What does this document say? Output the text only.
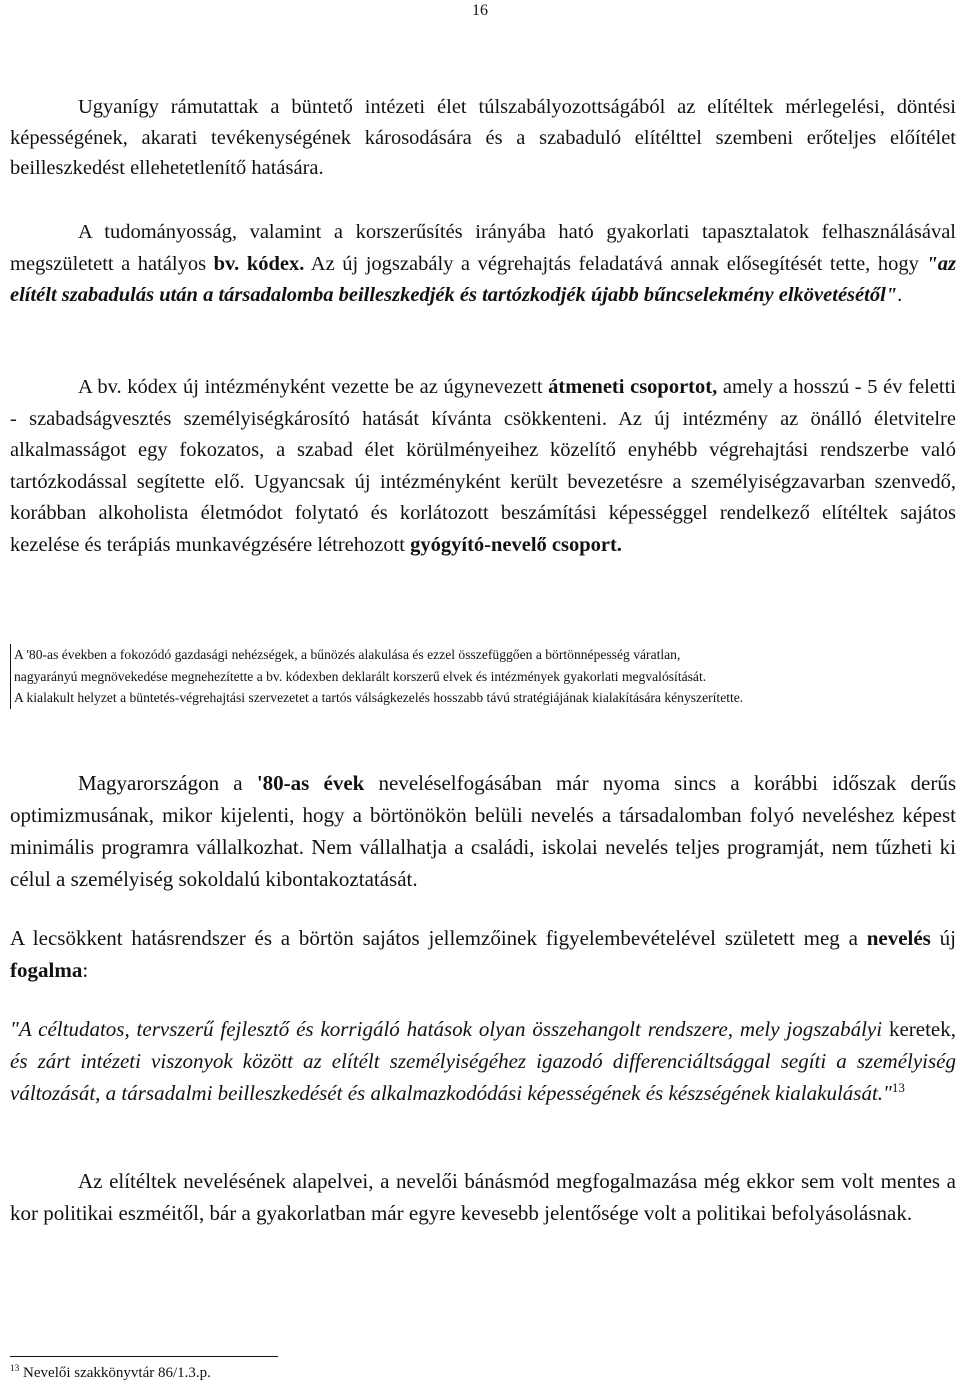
16

Ugyanígy rámutattak a büntető intézeti élet túlszabályozottságából az elítéltek mérlegelési, döntési képességének, akarati tevékenységének károsodására és a szabaduló elítélttel szembeni erőteljes előítélet beilleszkedést ellehetetlenítő hatására.

A tudományosság, valamint a korszerűsítés irányába ható gyakorlati tapasztalatok felhasználásával megszületett a hatályos bv. kódex. Az új jogszabály a végrehajtás feladatává annak elősegítését tette, hogy "az elítélt szabadulás után a társadalomba beilleszkedjék és tartózkodjék újabb bűncselekmény elkövetésétől".

A bv. kódex új intézményként vezette be az úgynevezett átmeneti csoportot, amely a hosszú - 5 év feletti - szabadságvesztés személyiségkárosító hatását kívánta csökkenteni. Az új intézmény az önálló életvitelre alkalmasságot egy fokozatos, a szabad élet körülményeihez közelítő enyhébb végrehajtási rendszerbe való tartózkodással segítette elő. Ugyancsak új intézményként került bevezetésre a személyiségzavarban szenvedő, korábban alkoholista életmódot folytató és korlátozott beszámítási képességgel rendelkező elítéltek sajátos kezelése és terápiás munkavégzésére létrehozott gyógyító-nevelő csoport.

A '80-as években a fokozódó gazdasági nehézségek, a bűnözés alakulása és ezzel összefüggően a börtönnépesség váratlan,
nagyarányú megnövekedése megnehezítette a bv. kódexben deklarált korszerű elvek és intézmények gyakorlati megvalósítását.
A kialakult helyzet a büntetés-végrehajtási szervezetet a tartós válságkezelés hosszabb távú stratégiájának kialakítására kényszerítette.

Magyarországon a '80-as évek neveléselfogásában már nyoma sincs a korábbi időszak derűs optimizmusának, mikor kijelenti, hogy a börtönökön belüli nevelés a társadalomban folyó neveléshez képest minimális programra vállalkozhat. Nem vállalhatja a családi, iskolai nevelés teljes programját, nem tűzheti ki célul a személyiség sokoldalú kibontakoztatását.

A lecsökkent hatásrendszer és a börtön sajátos jellemzőinek figyelembevételével született meg a nevelés új fogalma:

"A céltudatos, tervszerű fejlesztő és korrigáló hatások olyan összehangolt rendszere, mely jogszabályi keretek, és zárt intézeti viszonyok között az elítélt személyiségéhez igazodó differenciáltsággal segíti a személyiség változását, a társadalmi beilleszkedését és alkalmazkodódási képességének és készségének kialakulását."$^{13}$

Az elítéltek nevelésének alapelvei, a nevelői bánásmód megfogalmazása még ekkor sem volt mentes a kor politikai eszméitől, bár a gyakorlatban már egyre kevesebb jelentősége volt a politikai befolyásolásnak.

$^{13}$ Nevelői szakkönyvtár 86/1.3.p.
